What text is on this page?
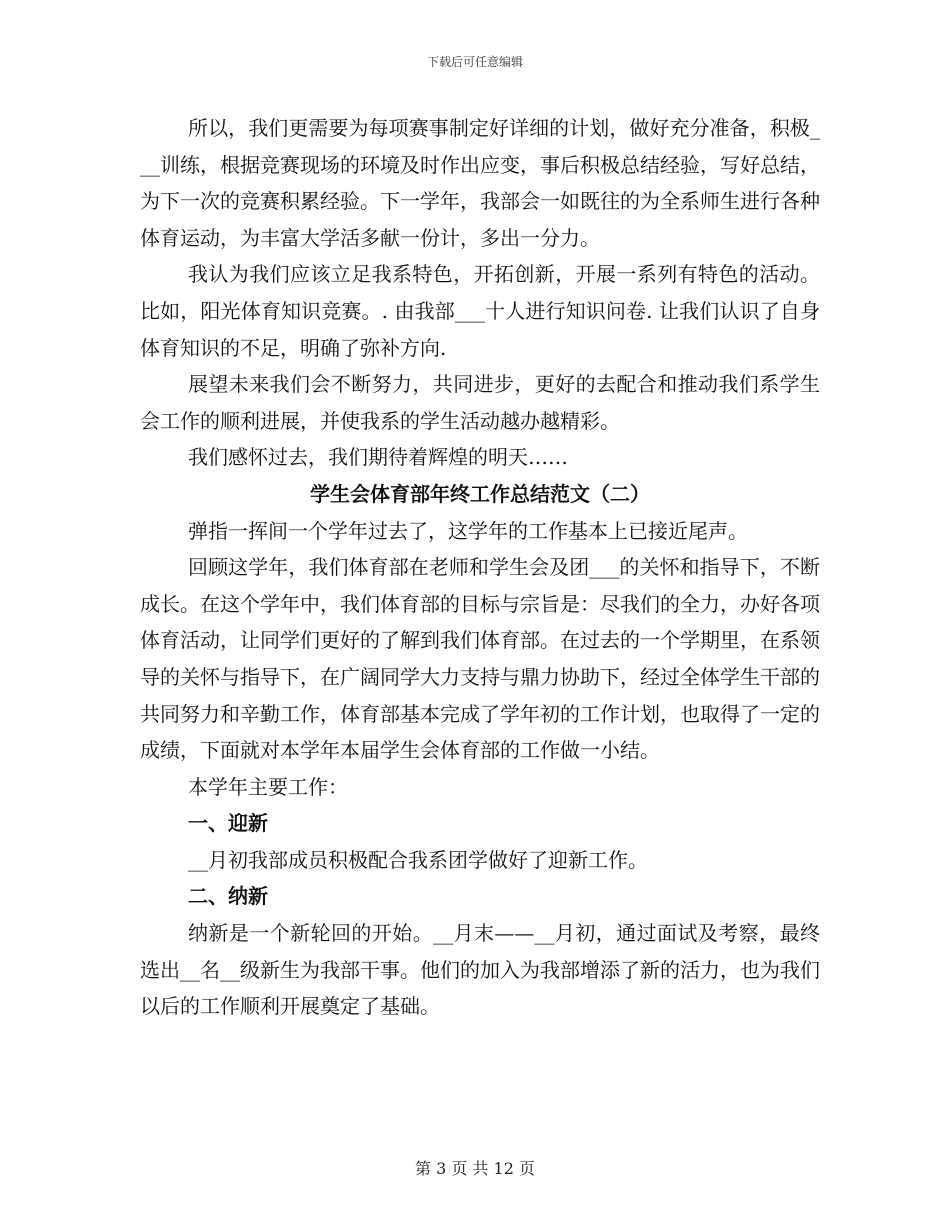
下载后可任意编辑

所以，我们更需要为每项赛事制定好详细的计划，做好充分准备，积极___训练，根据竞赛现场的环境及时作出应变，事后积极总结经验，写好总结，为下一次的竞赛积累经验。下一学年，我部会一如既往的为全系师生进行各种体育运动，为丰富大学活多献一份计，多出一分力。

我认为我们应该立足我系特色，开拓创新，开展一系列有特色的活动。比如，阳光体育知识竞赛。. 由我部___十人进行知识问卷. 让我们认识了自身体育知识的不足，明确了弥补方向.

展望未来我们会不断努力，共同进步，更好的去配合和推动我们系学生会工作的顺利进展，并使我系的学生活动越办越精彩。

我们感怀过去，我们期待着辉煌的明天……

学生会体育部年终工作总结范文（二）

弹指一挥间一个学年过去了，这学年的工作基本上已接近尾声。

回顾这学年，我们体育部在老师和学生会及团___的关怀和指导下，不断成长。在这个学年中，我们体育部的目标与宗旨是：尽我们的全力，办好各项体育活动，让同学们更好的了解到我们体育部。在过去的一个学期里，在系领导的关怀与指导下，在广阔同学大力支持与鼎力协助下，经过全体学生干部的共同努力和辛勤工作，体育部基本完成了学年初的工作计划，也取得了一定的成绩，下面就对本学年本届学生会体育部的工作做一小结。

本学年主要工作：

一、迎新

__月初我部成员积极配合我系团学做好了迎新工作。

二、纳新

纳新是一个新轮回的开始。__月末——__月初，通过面试及考察，最终选出__名__级新生为我部干事。他们的加入为我部增添了新的活力，也为我们以后的工作顺利开展奠定了基础。

第 3 页 共 12 页
